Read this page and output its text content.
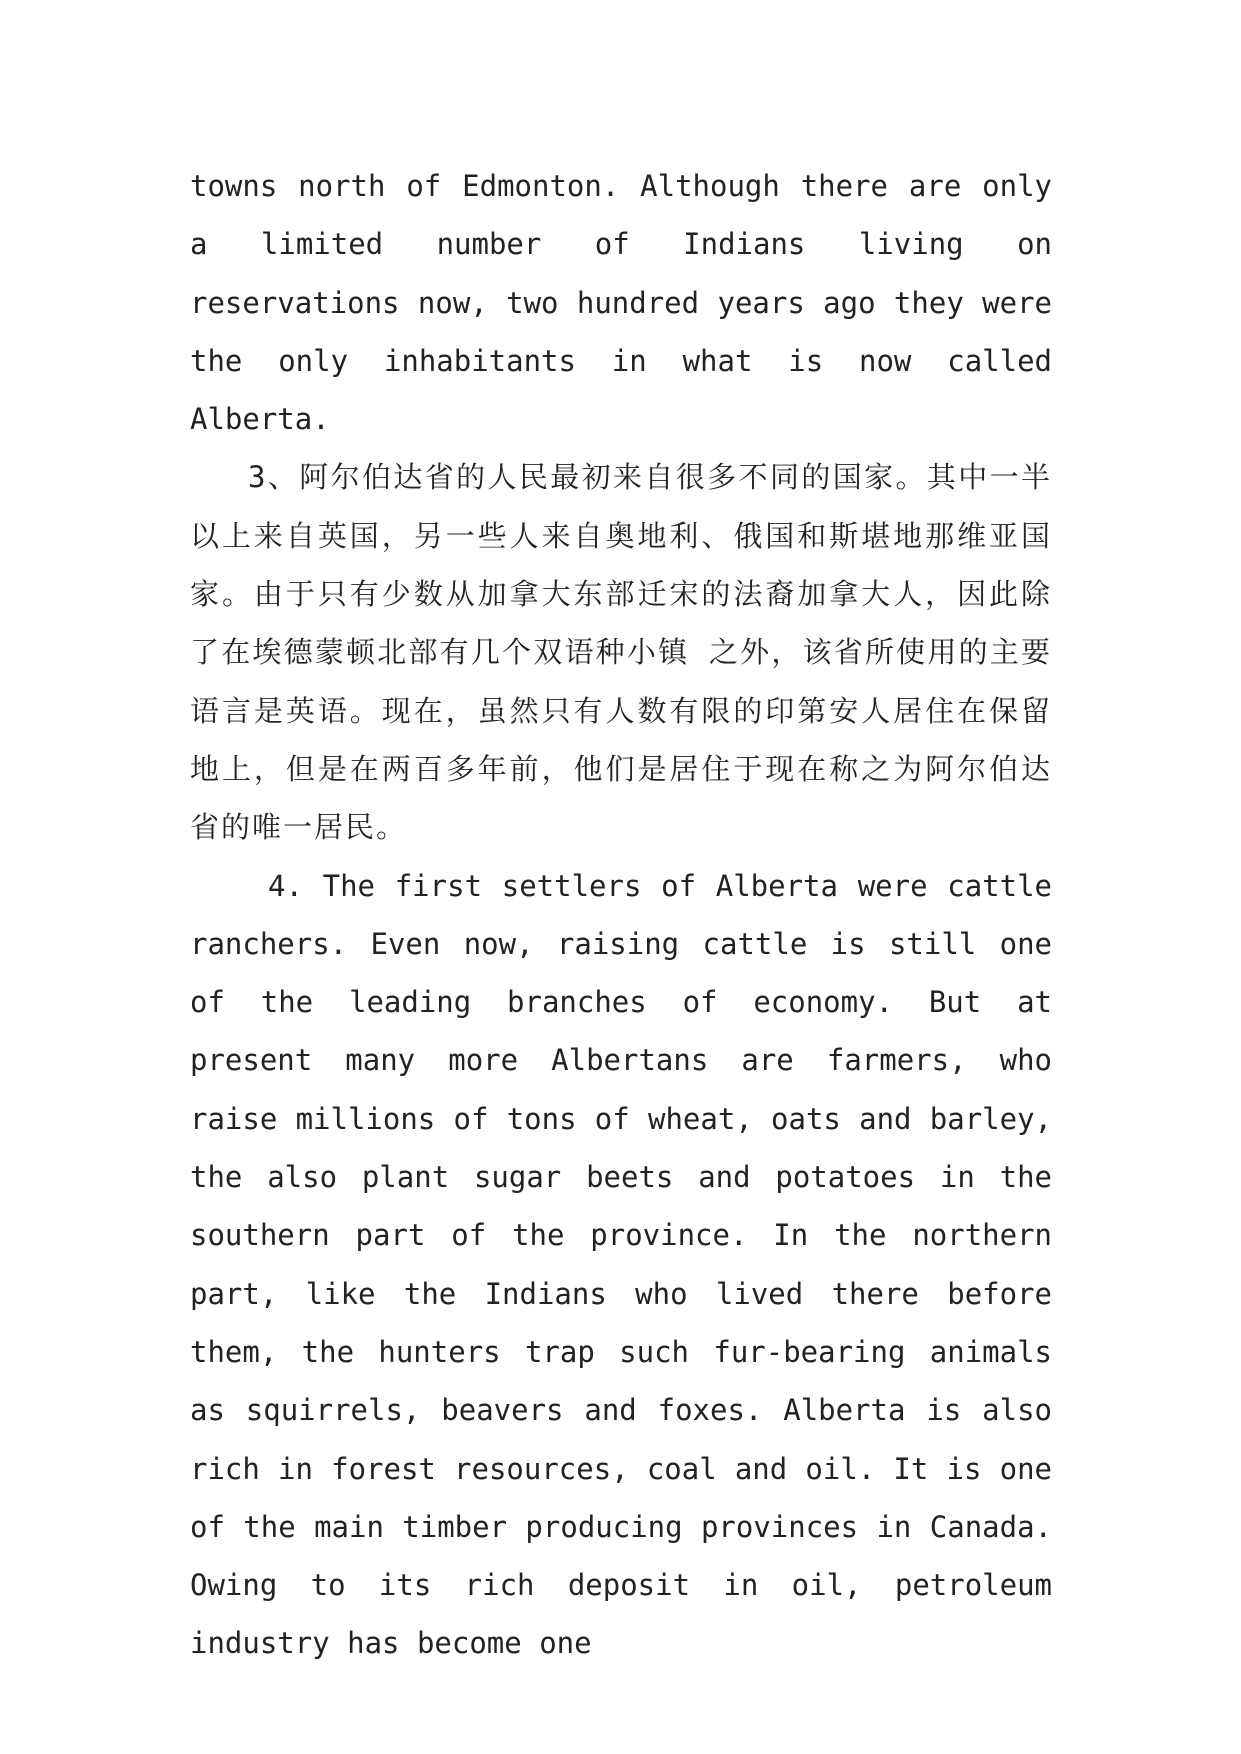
towns north of Edmonton. Although there are only a limited number of Indians living on reservations now, two hundred years ago they were the only inhabitants in what is now called Alberta.

3、阿尔伯达省的人民最初来自很多不同的国家。其中一半以上来自英国，另一些人来自奥地利、俄国和斯堪地那维亚国家。由于只有少数从加拿大东部迁宋的法裔加拿大人，因此除了在埃德蒙顿北部有几个双语种小镇 之外，该省所使用的主要语言是英语。现在，虽然只有人数有限的印第安人居住在保留地上，但是在两百多年前，他们是居住于现在称之为阿尔伯达省的唯一居民。

4. The first settlers of Alberta were cattle ranchers. Even now, raising cattle is still one of the leading branches of economy. But at present many more Albertans are farmers, who raise millions of tons of wheat, oats and barley, the also plant sugar beets and potatoes in the southern part of the province. In the northern part, like the Indians who lived there before them, the hunters trap such fur-bearing animals as squirrels, beavers and foxes. Alberta is also rich in forest resources, coal and oil. It is one of the main timber producing provinces in Canada. Owing to its rich deposit in oil, petroleum industry has become one
